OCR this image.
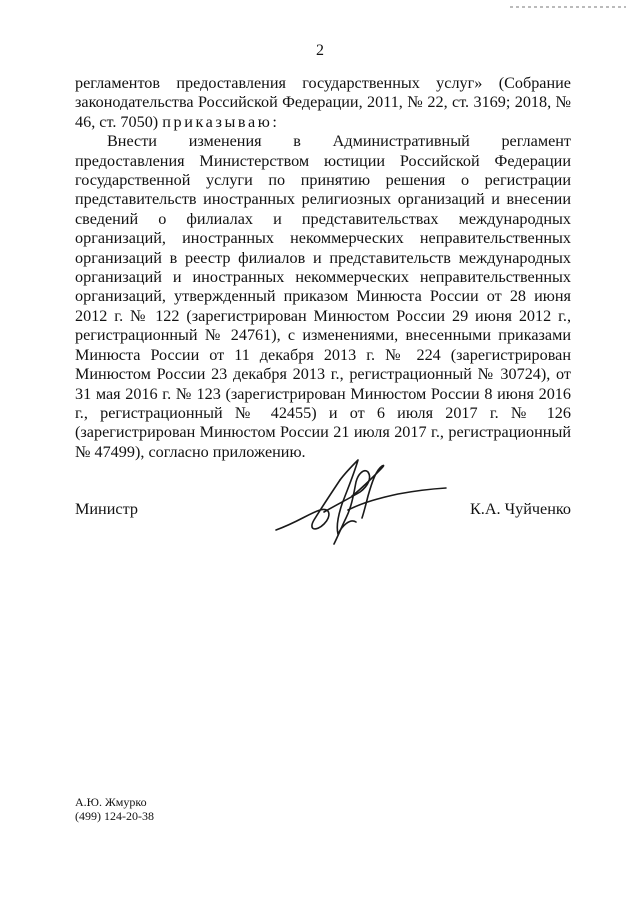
2

регламентов предоставления государственных услуг» (Собрание законодательства Российской Федерации, 2011, № 22, ст. 3169; 2018, № 46, ст. 7050) приказываю:

Внести изменения в Административный регламент предоставления Министерством юстиции Российской Федерации государственной услуги по принятию решения о регистрации представительств иностранных религиозных организаций и внесении сведений о филиалах и представительствах международных организаций, иностранных некоммерческих неправительственных организаций в реестр филиалов и представительств международных организаций и иностранных некоммерческих неправительственных организаций, утвержденный приказом Минюста России от 28 июня 2012 г. № 122 (зарегистрирован Минюстом России 29 июня 2012 г., регистрационный № 24761), с изменениями, внесенными приказами Минюста России от 11 декабря 2013 г. № 224 (зарегистрирован Минюстом России 23 декабря 2013 г., регистрационный № 30724), от 31 мая 2016 г. № 123 (зарегистрирован Минюстом России 8 июня 2016 г., регистрационный № 42455) и от 6 июля 2017 г. № 126 (зарегистрирован Минюстом России 21 июля 2017 г., регистрационный № 47499), согласно приложению.

Министр	К.А. Чуйченко
А.Ю. Жмурко
(499) 124-20-38
